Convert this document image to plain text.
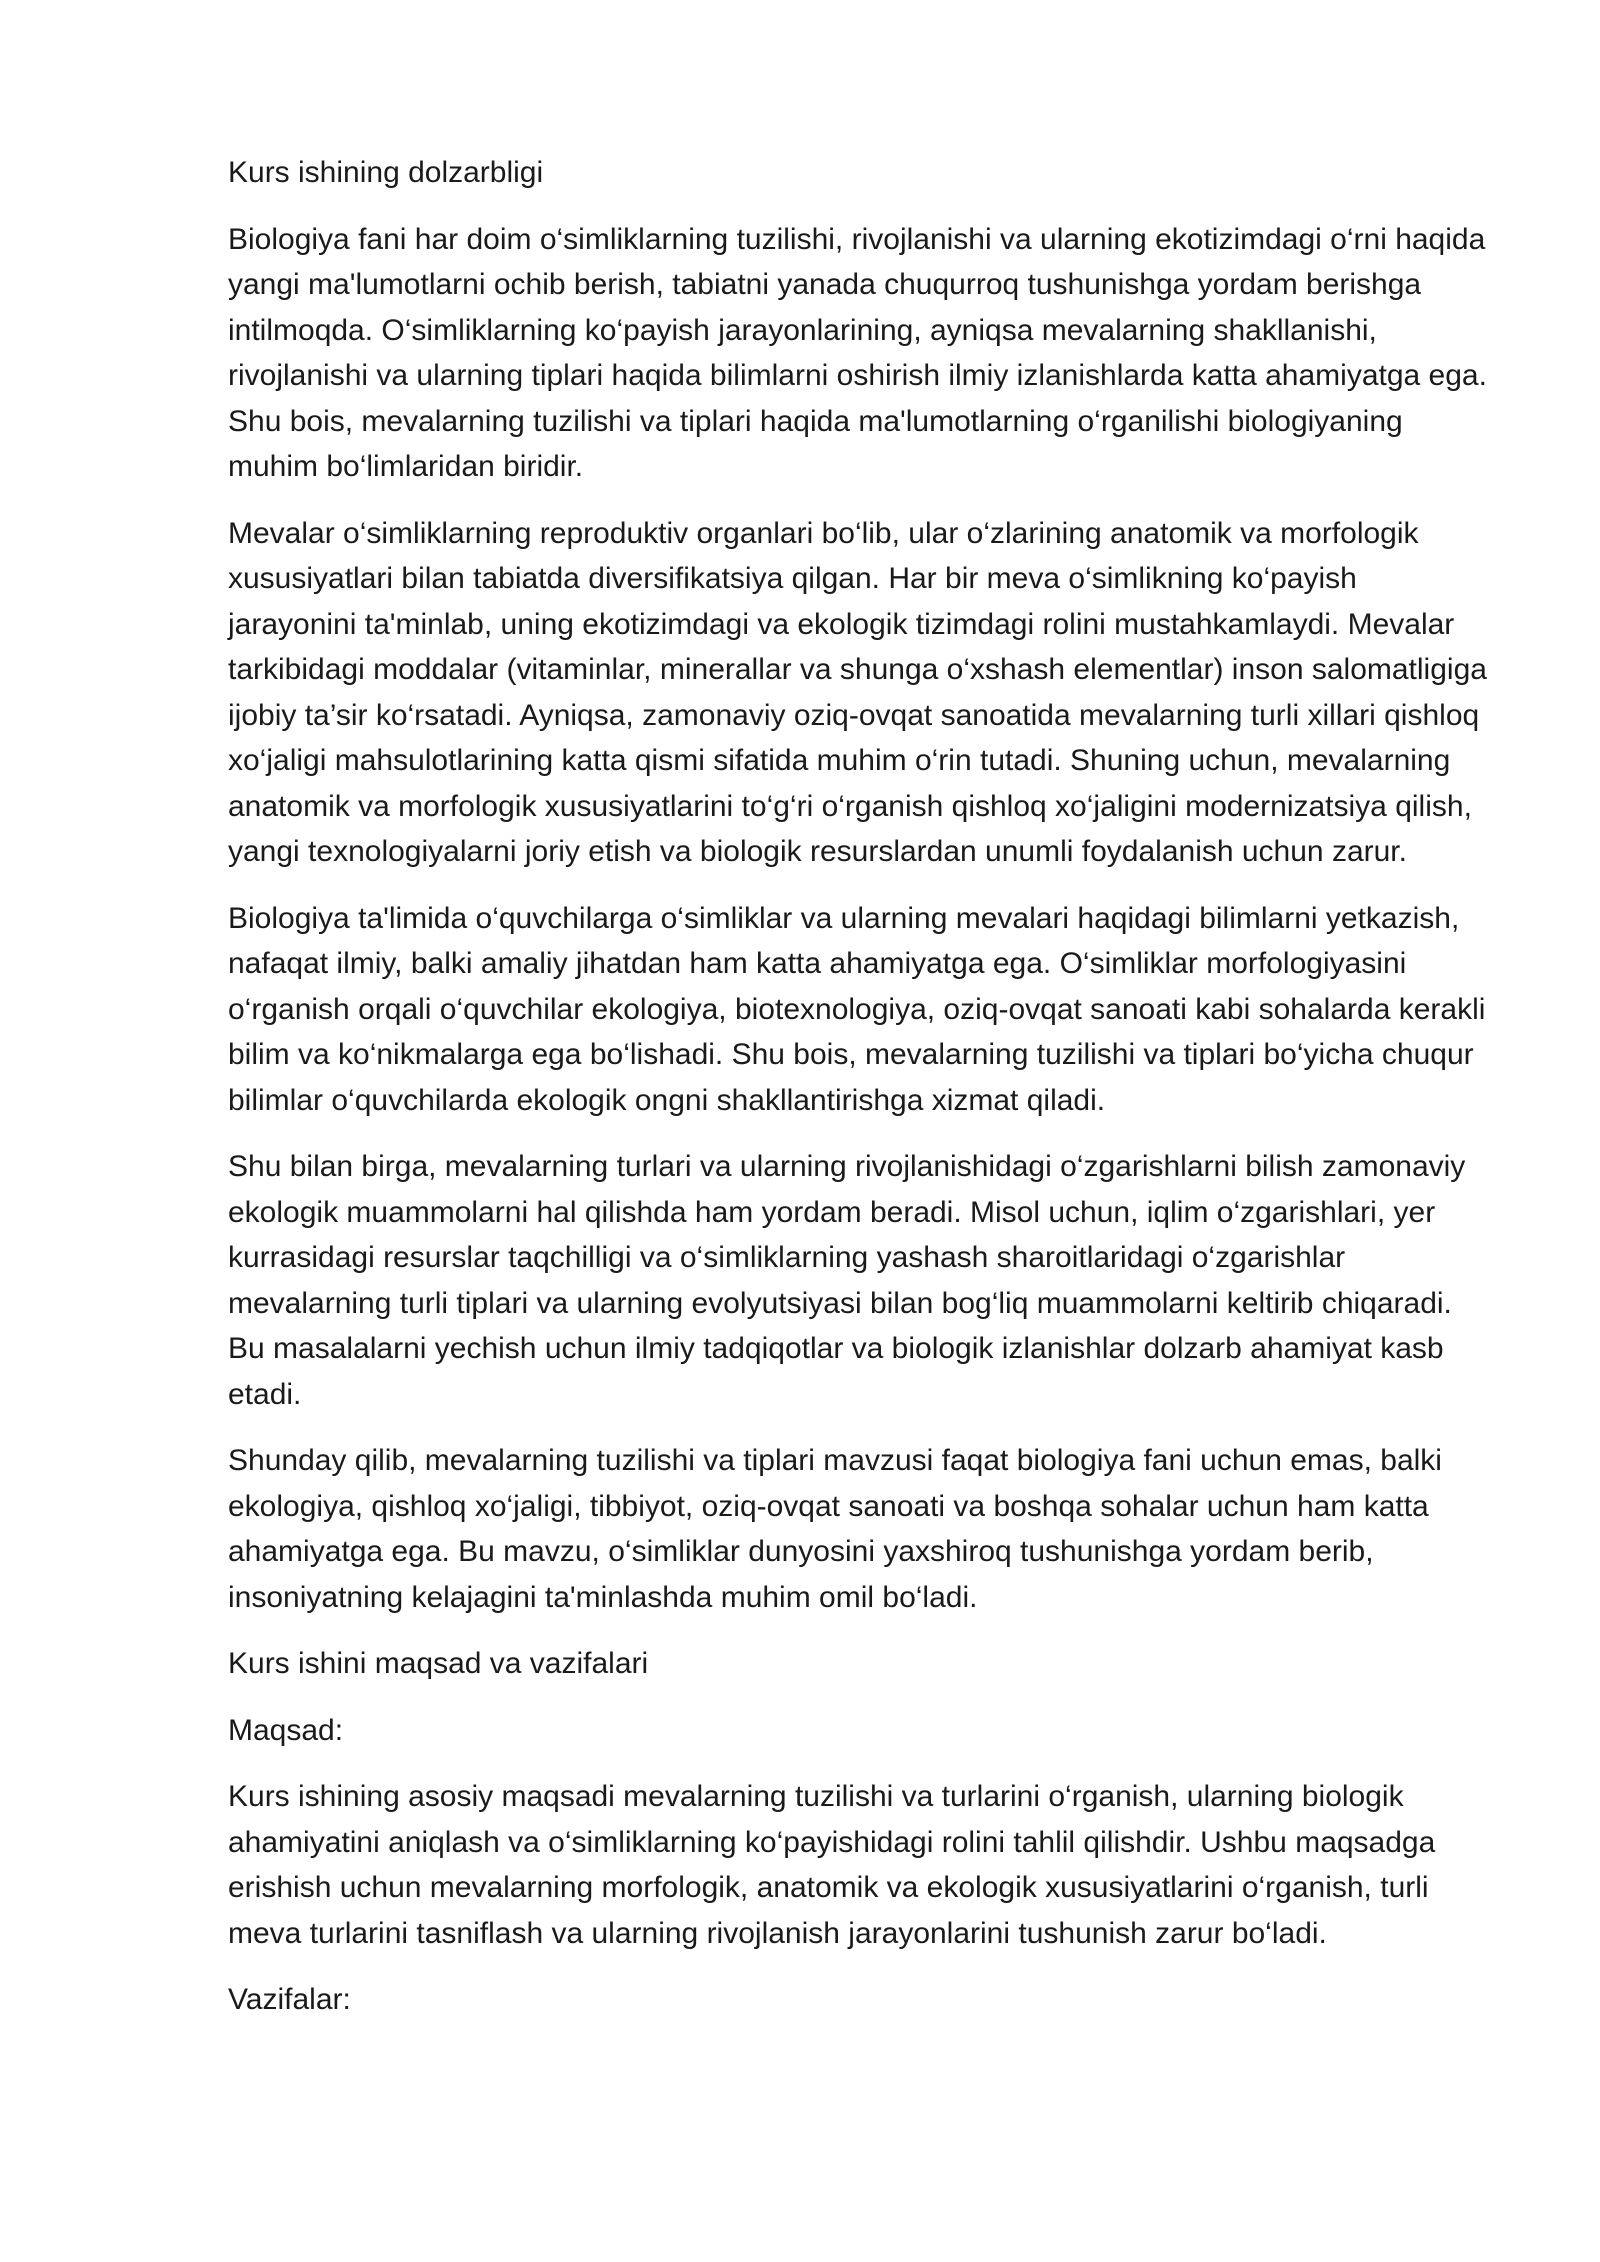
Kurs ishining dolzarbligi

Biologiya fani har doim o‘simliklarning tuzilishi, rivojlanishi va ularning ekotizimdagi o‘rni haqida yangi ma'lumotlarni ochib berish, tabiatni yanada chuqurroq tushunishga yordam berishga intilmoqda. O‘simliklarning ko‘payish jarayonlarining, ayniqsa mevalarning shakllanishi, rivojlanishi va ularning tiplari haqida bilimlarni oshirish ilmiy izlanishlarda katta ahamiyatga ega. Shu bois, mevalarning tuzilishi va tiplari haqida ma'lumotlarning o‘rganilishi biologiyaning muhim bo‘limlaridan biridir.

Mevalar o‘simliklarning reproduktiv organlari bo‘lib, ular o‘zlarining anatomik va morfologik xususiyatlari bilan tabiatda diversifikatsiya qilgan. Har bir meva o‘simlikning ko‘payish jarayonini ta'minlab, uning ekotizimdagi va ekologik tizimdagi rolini mustahkamlaydi. Mevalar tarkibidagi moddalar (vitaminlar, minerallar va shunga o‘xshash elementlar) inson salomatligiga ijobiy ta’sir ko‘rsatadi. Ayniqsa, zamonaviy oziq-ovqat sanoatida mevalarning turli xillari qishloq xo‘jaligi mahsulotlarining katta qismi sifatida muhim o‘rin tutadi. Shuning uchun, mevalarning anatomik va morfologik xususiyatlarini to‘g‘ri o‘rganish qishloq xo‘jaligini modernizatsiya qilish, yangi texnologiyalarni joriy etish va biologik resurslardan unumli foydalanish uchun zarur.

Biologiya ta'limida o‘quvchilarga o‘simliklar va ularning mevalari haqidagi bilimlarni yetkazish, nafaqat ilmiy, balki amaliy jihatdan ham katta ahamiyatga ega. O‘simliklar morfologiyasini o‘rganish orqali o‘quvchilar ekologiya, biotexnologiya, oziq-ovqat sanoati kabi sohalarda kerakli bilim va ko‘nikmalarga ega bo‘lishadi. Shu bois, mevalarning tuzilishi va tiplari bo‘yicha chuqur bilimlar o‘quvchilarda ekologik ongni shakllantirishga xizmat qiladi.

Shu bilan birga, mevalarning turlari va ularning rivojlanishidagi o‘zgarishlarni bilish zamonaviy ekologik muammolarni hal qilishda ham yordam beradi. Misol uchun, iqlim o‘zgarishlari, yer kurrasidagi resurslar taqchilligi va o‘simliklarning yashash sharoitlaridagi o‘zgarishlar mevalarning turli tiplari va ularning evolyutsiyasi bilan bog‘liq muammolarni keltirib chiqaradi. Bu masalalarni yechish uchun ilmiy tadqiqotlar va biologik izlanishlar dolzarb ahamiyat kasb etadi.

Shunday qilib, mevalarning tuzilishi va tiplari mavzusi faqat biologiya fani uchun emas, balki ekologiya, qishloq xo‘jaligi, tibbiyot, oziq-ovqat sanoati va boshqa sohalar uchun ham katta ahamiyatga ega. Bu mavzu, o‘simliklar dunyosini yaxshiroq tushunishga yordam berib, insoniyatning kelajagini ta'minlashda muhim omil bo‘ladi.

Kurs ishini maqsad va vazifalari

Maqsad:

Kurs ishining asosiy maqsadi mevalarning tuzilishi va turlarini o‘rganish, ularning biologik ahamiyatini aniqlash va o‘simliklarning ko‘payishidagi rolini tahlil qilishdir. Ushbu maqsadga erishish uchun mevalarning morfologik, anatomik va ekologik xususiyatlarini o‘rganish, turli meva turlarini tasniflash va ularning rivojlanish jarayonlarini tushunish zarur bo‘ladi.

Vazifalar:
